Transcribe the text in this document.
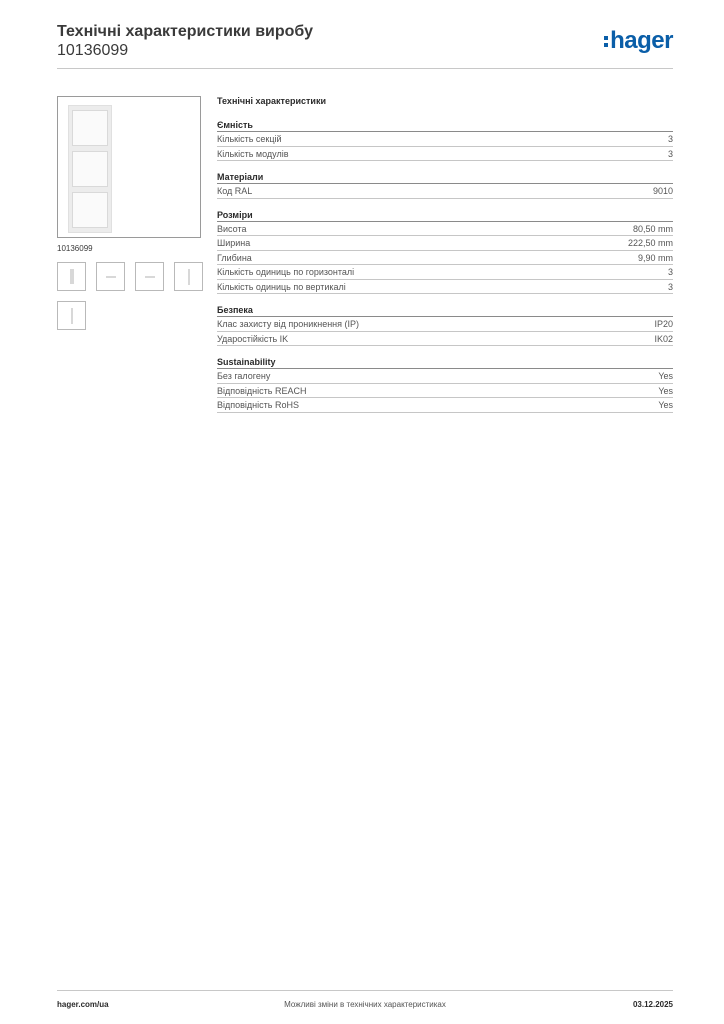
Технічні характеристики виробу
10136099	hager
10136099
Технічні характеристики
Ємність
Кількість секцій	3
Кількість модулів	3
Матеріали
Код RAL	9010
Розміри
Висота	80,50 mm
Ширина	222,50 mm
Глибина	9,90 mm
Кількість одиниць по горизонталі	3
Кількість одиниць по вертикалі	3
Безпека
Клас захисту від проникнення (IP)	IP20
Ударостійкість IK	IK02
Sustainability
Без галогену	Yes
Відповідність REACH	Yes
Відповідність RoHS	Yes
hager.com/ua	Можливі зміни в технічних характеристиках	03.12.2025
